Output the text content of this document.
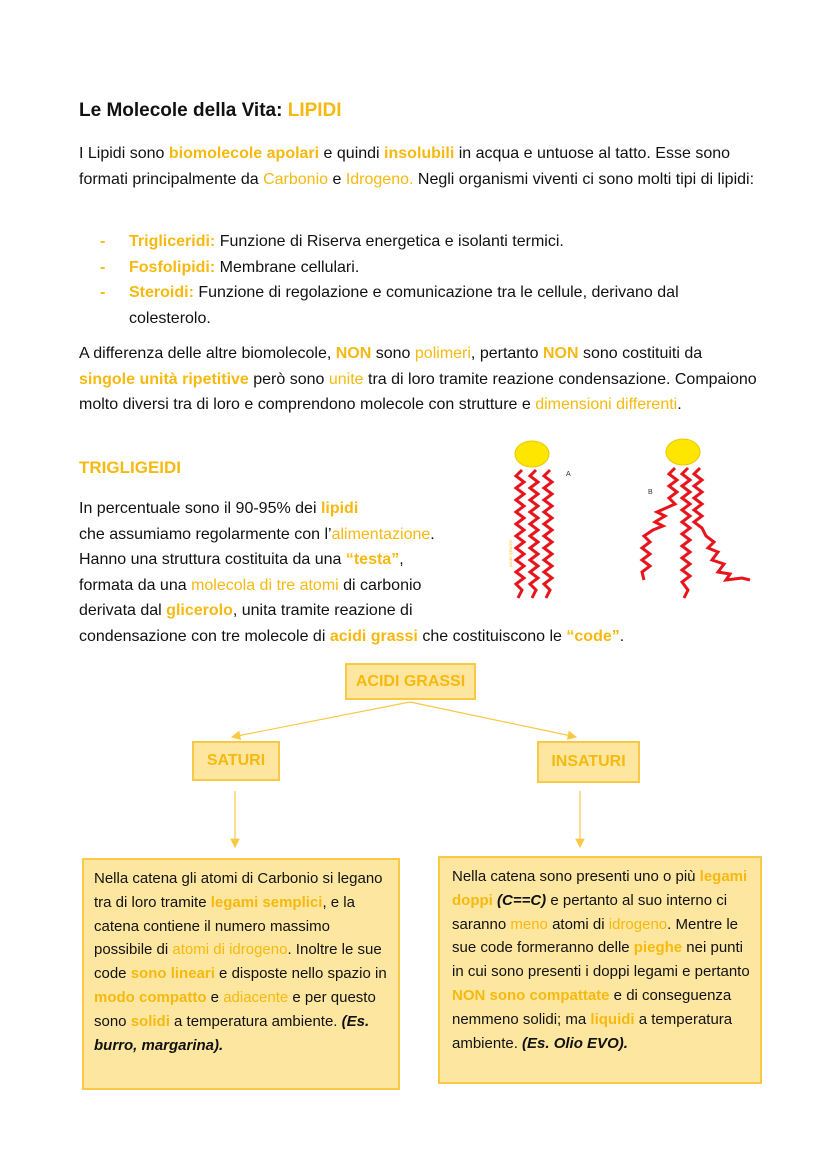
Le Molecole della Vita: LIPIDI
I Lipidi sono biomolecole apolari e quindi insolubili in acqua e untuose al tatto. Esse sono formati principalmente da Carbonio e Idrogeno. Negli organismi viventi ci sono molti tipi di lipidi:
- Trigliceridi: Funzione di Riserva energetica e isolanti termici.
- Fosfolipidi: Membrane cellulari.
- Steroidi: Funzione di regolazione e comunicazione tra le cellule, derivano dal colesterolo.
A differenza delle altre biomolecole, NON sono polimeri, pertanto NON sono costituiti da singole unità ripetitive però sono unite tra di loro tramite reazione condensazione. Compaiono molto diversi tra di loro e comprendono molecole con strutture e dimensioni differenti.
TRIGLIGEIDI
In percentuale sono il 90-95% dei lipidi
che assumiamo regolarmente con l’alimentazione.
Hanno una struttura costituita da una “testa”,
formata da una molecola di tre atomi di carbonio
derivata dal glicerolo, unita tramite reazione di
condensazione con tre molecole di acidi grassi che costituiscono le “code”.
A
ACIDI GRASSI
B
ACIDI GRASSI
SATURI	INSATURI
Nella catena gli atomi di Carbonio si legano tra di loro tramite legami semplici, e la catena contiene il numero massimo possibile di atomi di idrogeno. Inoltre le sue code sono lineari e disposte nello spazio in modo compatto e adiacente e per questo sono solidi a temperatura ambiente. (Es. burro, margarina).
Nella catena sono presenti uno o più legami doppi (C==C) e pertanto al suo interno ci saranno meno atomi di idrogeno. Mentre le sue code formeranno delle pieghe nei punti in cui sono presenti i doppi legami e pertanto NON sono compattate e di conseguenza nemmeno solidi; ma liquidi a temperatura ambiente. (Es. Olio EVO).
